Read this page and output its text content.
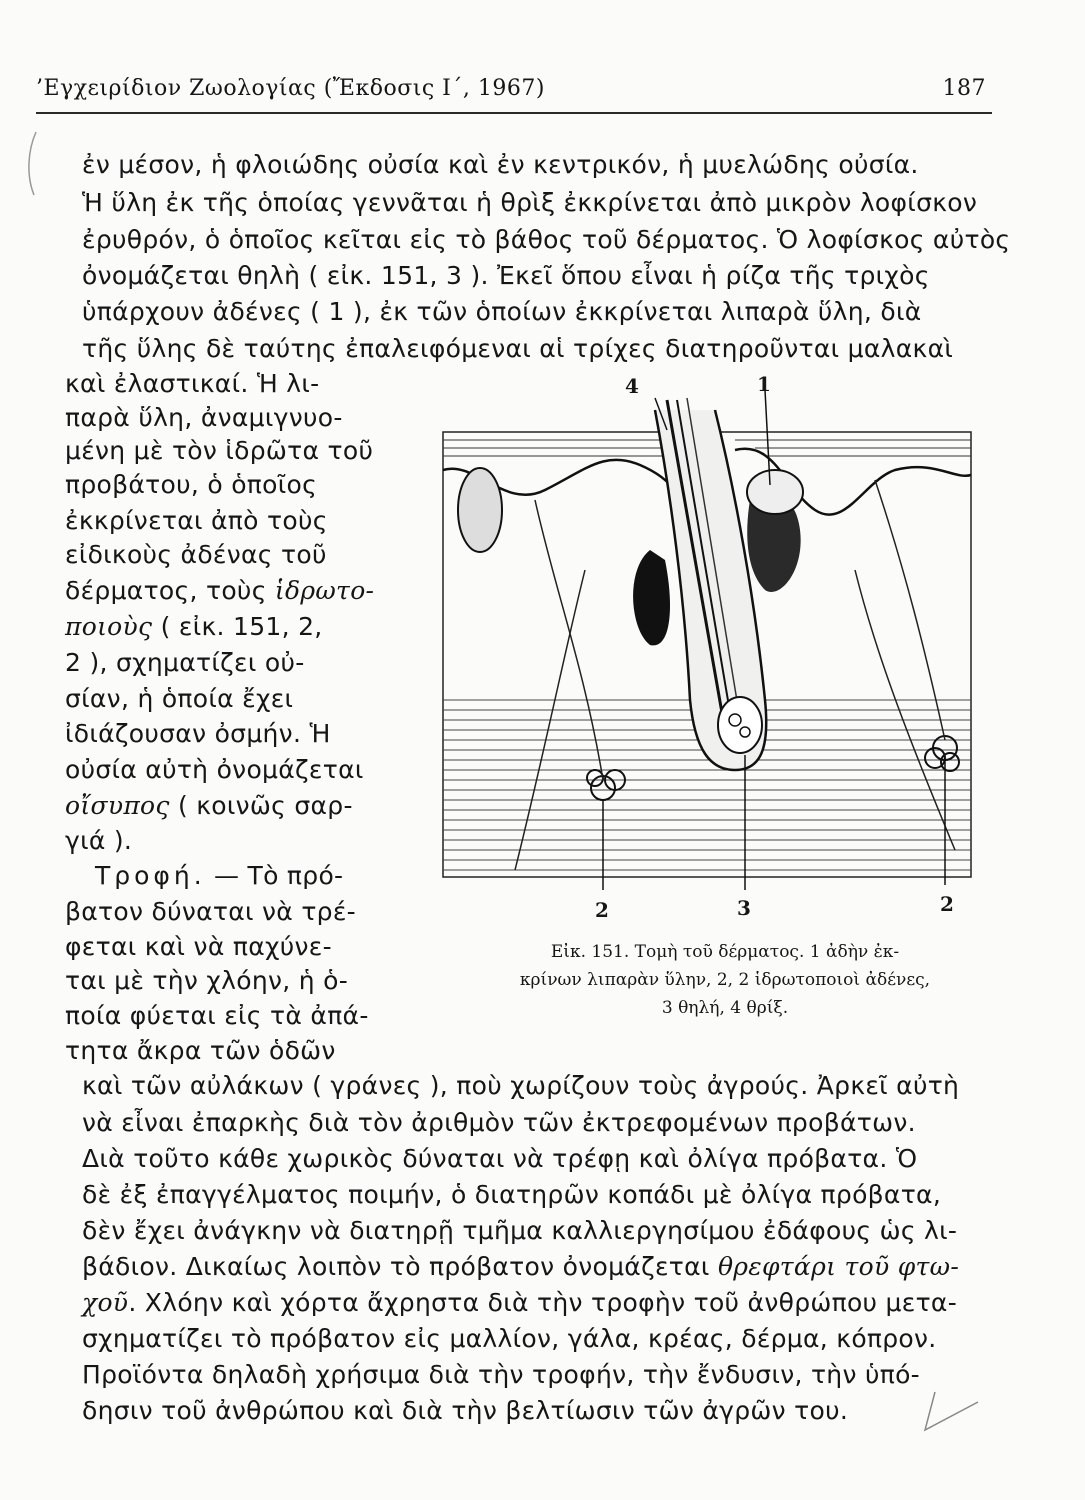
’Εγχειρίδιον Ζωολογίας (Ἔκδοσις Ι΄, 1967)	187
ἐν μέσον, ἡ φλοιώδης οὐσία καὶ ἐν κεντρικόν, ἡ μυελώδης οὐσία.
Ἡ ὕλη ἐκ τῆς ὁποίας γεννᾶται ἡ θρὶξ ἐκκρίνεται ἀπὸ μικρὸν λοφίσκον
ἐρυθρόν, ὁ ὁποῖος κεῖται εἰς τὸ βάθος τοῦ δέρματος. Ὁ λοφίσκος αὐτὸς
ὀνομάζεται θηλὴ ( εἰκ. 151, 3 ). Ἐκεῖ ὅπου εἶναι ἡ ρίζα τῆς τριχὸς
ὑπάρχουν ἀδένες ( 1 ), ἐκ τῶν ὁποίων ἐκκρίνεται λιπαρὰ ὕλη, διὰ
τῆς ὕλης δὲ ταύτης ἐπαλειφόμεναι αἱ τρίχες διατηροῦνται μαλακαὶ
καὶ ἐλαστικαί. Ἡ λι-
παρὰ ὕλη, ἀναμιγνυο-
μένη μὲ τὸν ἱδρῶτα τοῦ
προβάτου, ὁ ὁποῖος
ἐκκρίνεται ἀπὸ τοὺς
εἰδικοὺς ἀδένας τοῦ
δέρματος, τοὺς ἱδρωτο-
ποιοὺς ( εἰκ. 151, 2,
2 ), σχηματίζει οὐ-
σίαν, ἡ ὁποία ἔχει
ἰδιάζουσαν ὀσμήν. Ἡ
οὐσία αὐτὴ ὀνομάζεται
οἴσυπος ( κοινῶς σαρ-
γιά ).
Τροφή. — Τὸ πρό-
βατον δύναται νὰ τρέ-
φεται καὶ νὰ παχύνε-
ται μὲ τὴν χλόην, ἡ ὁ-
ποία φύεται εἰς τὰ ἀπά-
τητα ἄκρα τῶν ὁδῶν
4	1
2	3	2
Εἰκ. 151. Τομὴ τοῦ δέρματος. 1 ἀδὴν ἐκ-
κρίνων λιπαρὰν ὕλην, 2, 2 ἱδρωτοποιοὶ ἀδένες,
3 θηλή, 4 θρίξ.
καὶ τῶν αὐλάκων ( γράνες ), ποὺ χωρίζουν τοὺς ἀγρούς. Ἀρκεῖ αὐτὴ
νὰ εἶναι ἐπαρκὴς διὰ τὸν ἀριθμὸν τῶν ἐκτρεφομένων προβάτων.
Διὰ τοῦτο κάθε χωρικὸς δύναται νὰ τρέφῃ καὶ ὀλίγα πρόβατα. Ὁ
δὲ ἐξ ἐπαγγέλματος ποιμήν, ὁ διατηρῶν κοπάδι μὲ ὀλίγα πρόβατα,
δὲν ἔχει ἀνάγκην νὰ διατηρῇ τμῆμα καλλιεργησίμου ἐδάφους ὡς λι-
βάδιον. Δικαίως λοιπὸν τὸ πρόβατον ὀνομάζεται θρεφτάρι τοῦ φτω-
χοῦ. Χλόην καὶ χόρτα ἄχρηστα διὰ τὴν τροφὴν τοῦ ἀνθρώπου μετα-
σχηματίζει τὸ πρόβατον εἰς μαλλίον, γάλα, κρέας, δέρμα, κόπρον.
Προϊόντα δηλαδὴ χρήσιμα διὰ τὴν τροφήν, τὴν ἔνδυσιν, τὴν ὑπό-
δησιν τοῦ ἀνθρώπου καὶ διὰ τὴν βελτίωσιν τῶν ἀγρῶν του.
